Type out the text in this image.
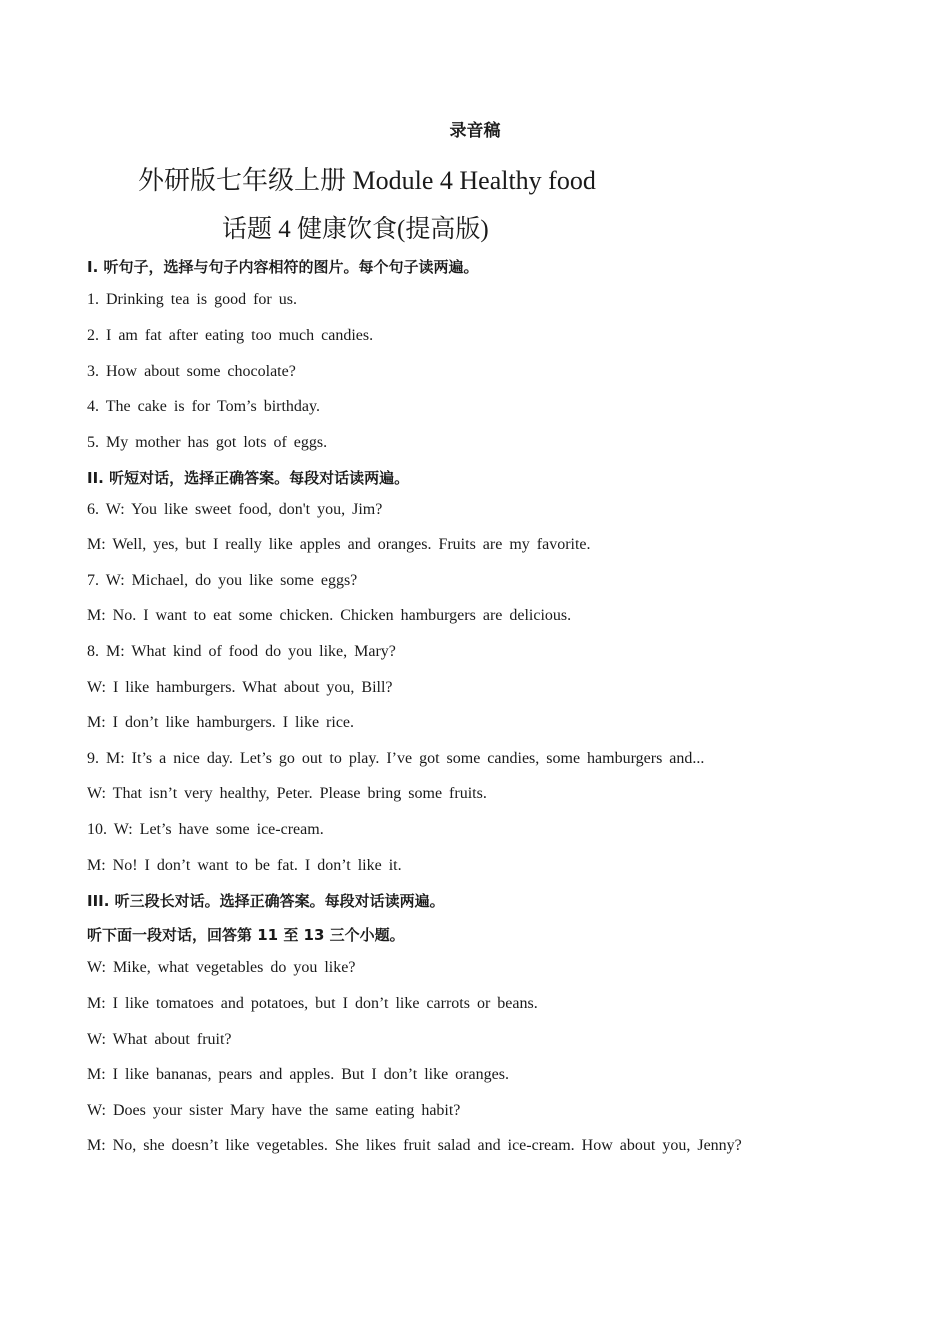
录音稿
外研版七年级上册 Module 4 Healthy food
话题 4 健康饮食(提高版)
Ⅰ. 听句子，选择与句子内容相符的图片。每个句子读两遍。
1. Drinking tea is good for us.
2. I am fat after eating too much candies.
3. How about some chocolate?
4. The cake is for Tom’s birthday.
5. My mother has got lots of eggs.
II. 听短对话，选择正确答案。每段对话读两遍。
6. W: You like sweet food, don't you, Jim?
M: Well, yes, but I really like apples and oranges. Fruits are my favorite.
7. W: Michael, do you like some eggs?
M: No. I want to eat some chicken. Chicken hamburgers are delicious.
8. M: What kind of food do you like, Mary?
W: I like hamburgers. What about you, Bill?
M: I don’t like hamburgers. I like rice.
9. M: It’s a nice day. Let’s go out to play. I’ve got some candies, some hamburgers and...
W: That isn’t very healthy, Peter. Please bring some fruits.
10. W: Let’s have some ice-cream.
M: No! I don’t want to be fat. I don’t like it.
III. 听三段长对话。选择正确答案。每段对话读两遍。
听下面一段对话，回答第 11 至 13 三个小题。
W: Mike, what vegetables do you like?
M: I like tomatoes and potatoes, but I don’t like carrots or beans.
W: What about fruit?
M: I like bananas, pears and apples. But I don’t like oranges.
W: Does your sister Mary have the same eating habit?
M: No, she doesn’t like vegetables. She likes fruit salad and ice-cream. How about you, Jenny?
